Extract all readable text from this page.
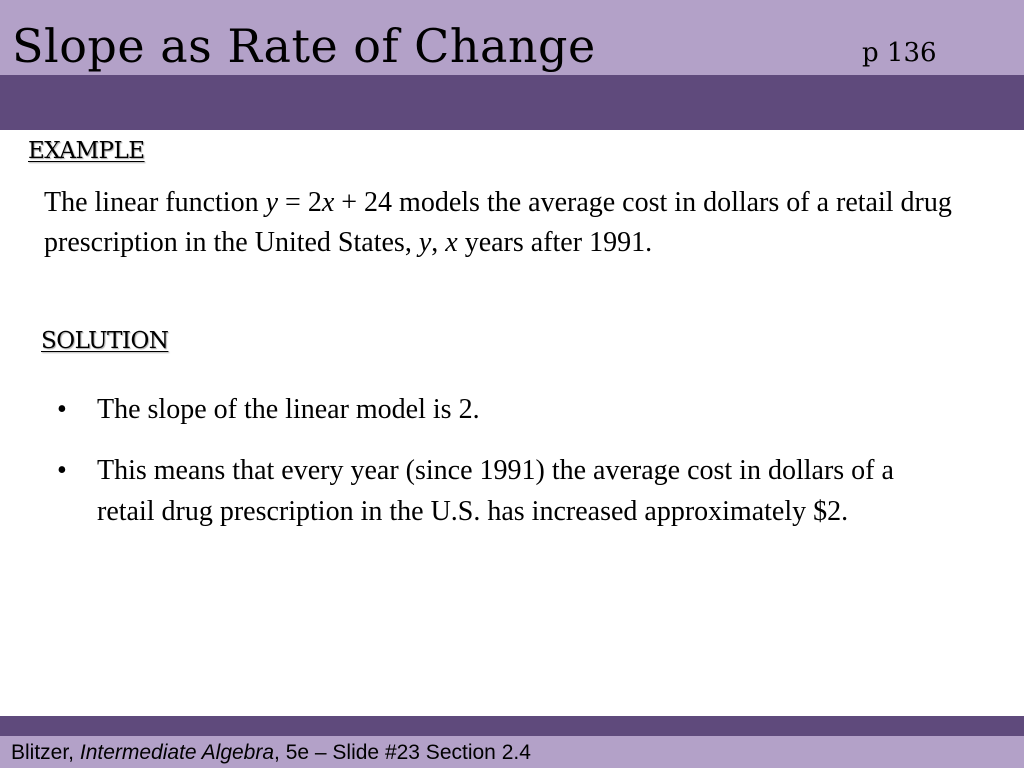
Slope as Rate of Change	p 136
EXAMPLE
The linear function y = 2x + 24 models the average cost in dollars of a retail drug prescription in the United States, y, x years after 1991.
SOLUTION
• The slope of the linear model is 2.
• This means that every year (since 1991) the average cost in dollars of a retail drug prescription in the U.S. has increased approximately $2.
Blitzer, Intermediate Algebra, 5e – Slide #23 Section 2.4
